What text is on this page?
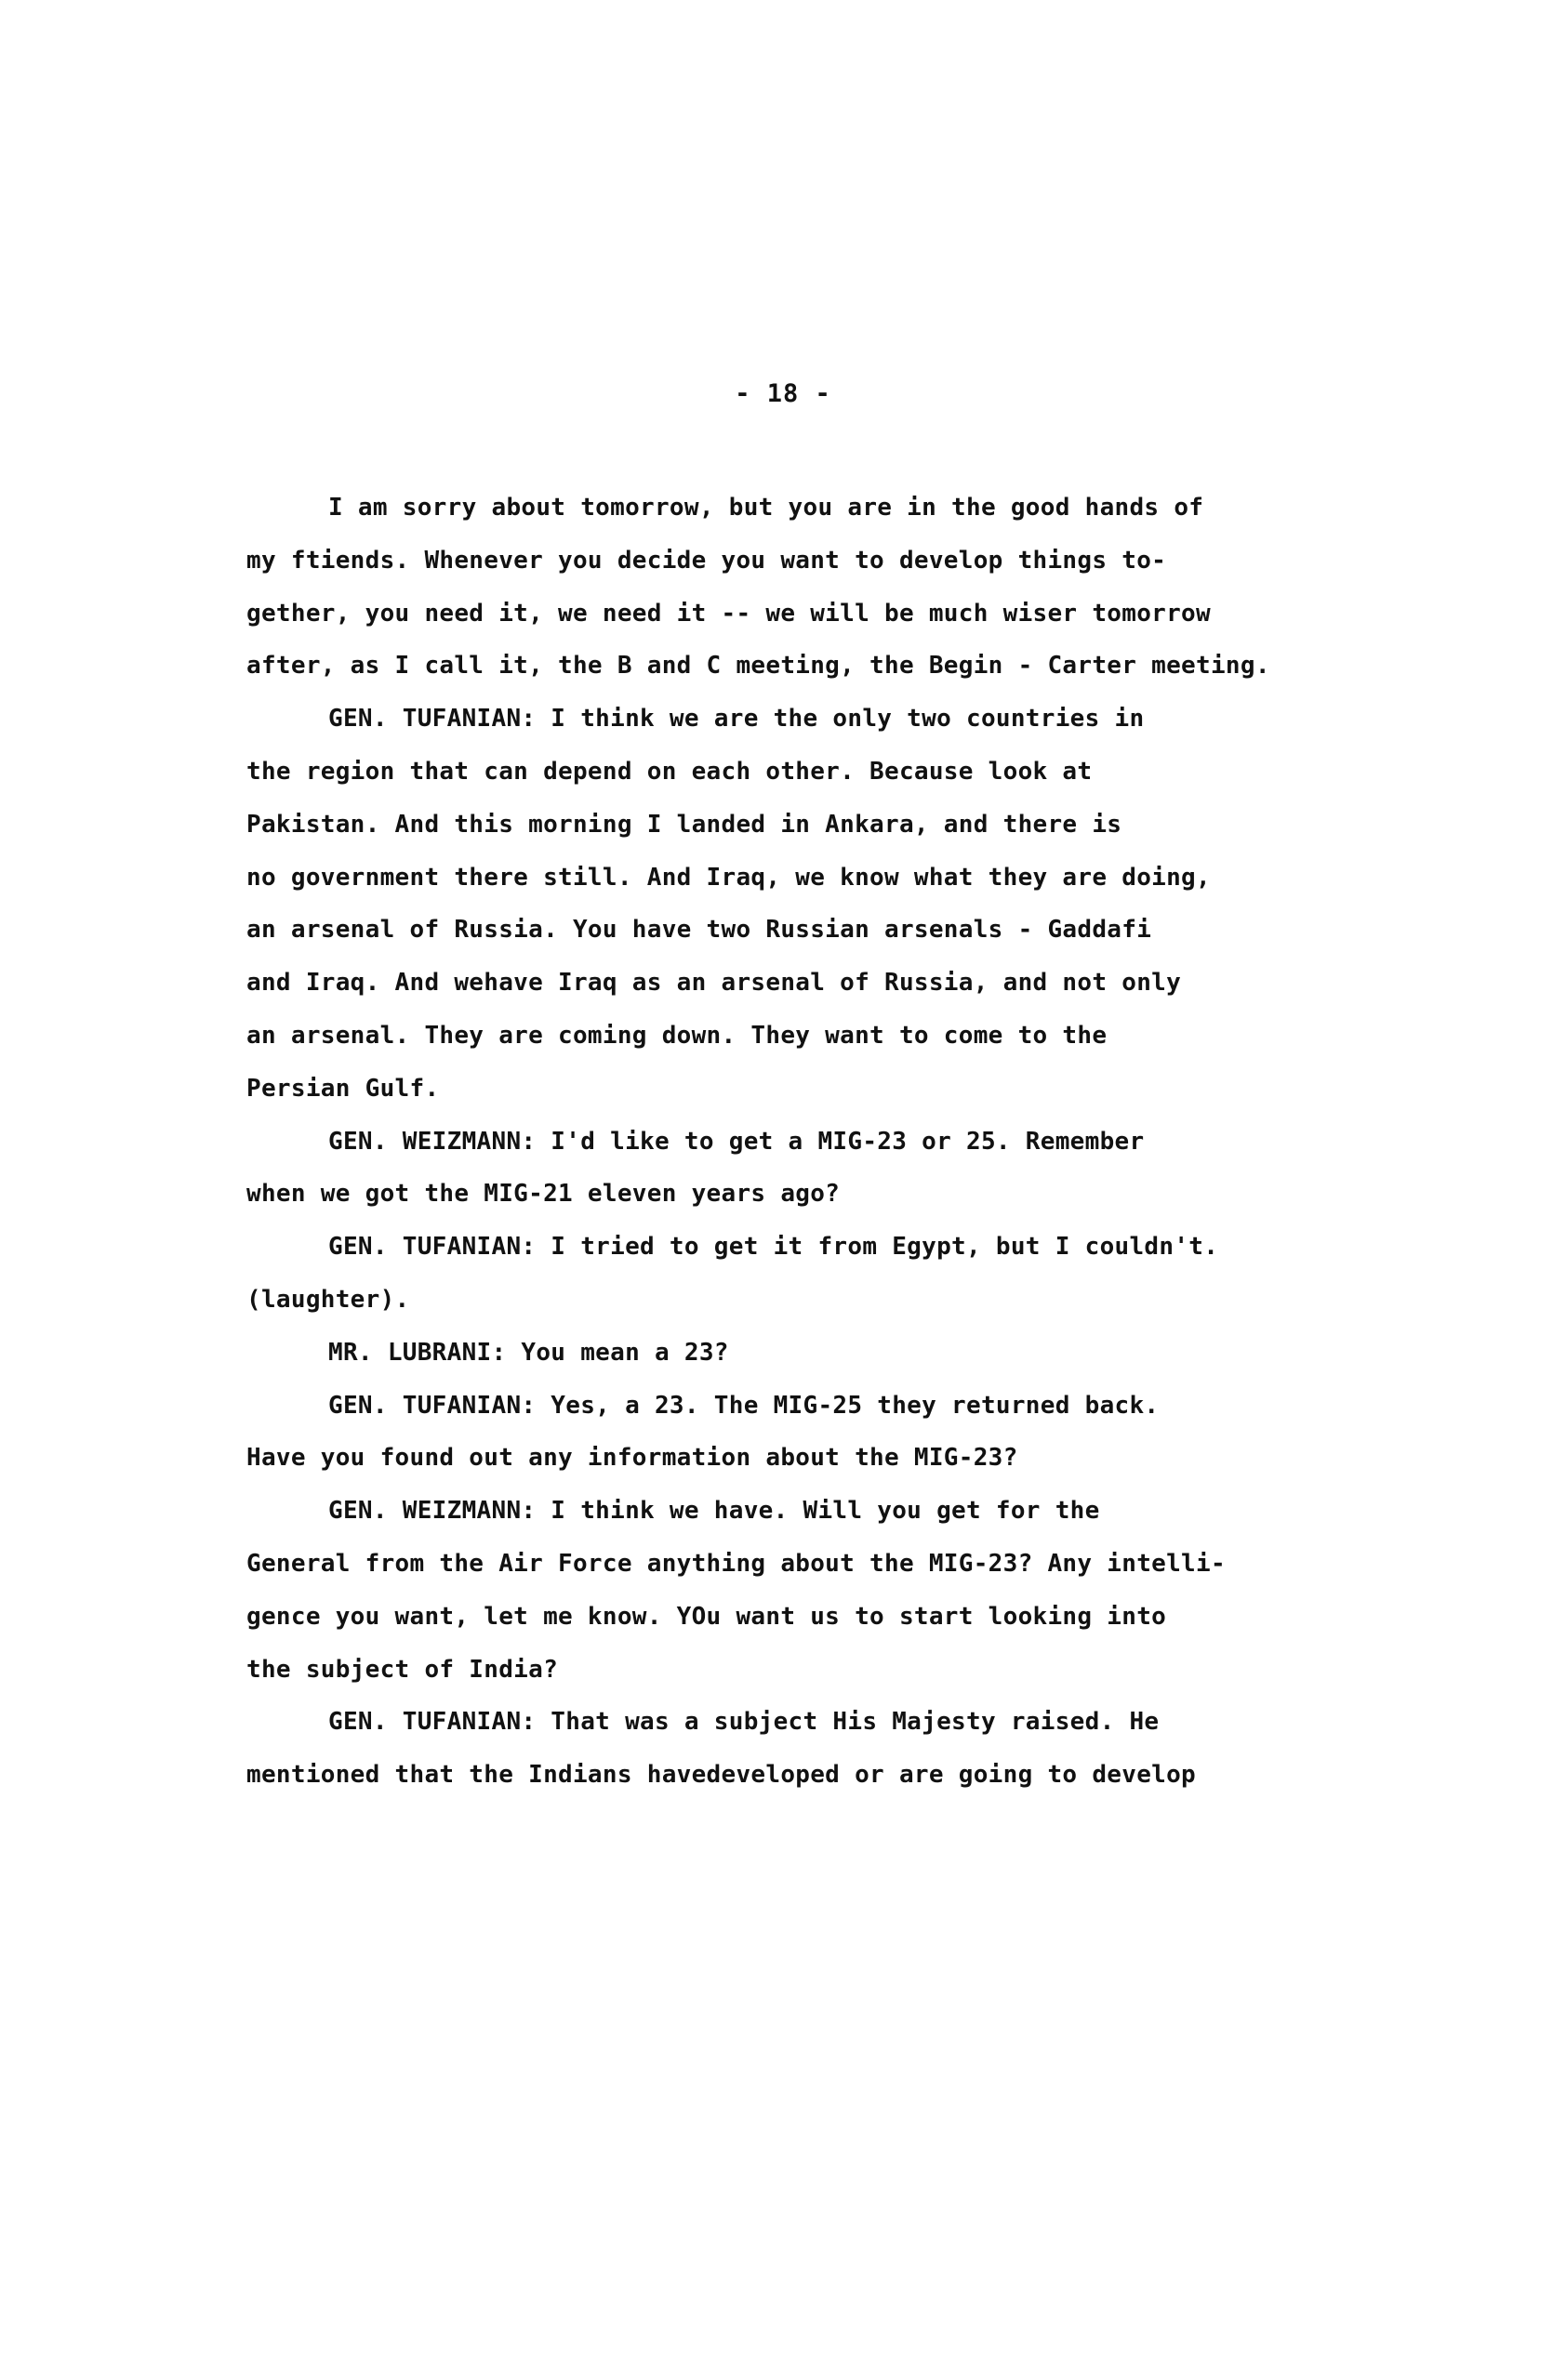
- 18 -
I am sorry about tomorrow, but you are in the good hands of
my ftiends. Whenever you decide you want to develop things to-
gether, you need it, we need it -- we will be much wiser tomorrow
after, as I call it, the B and C meeting, the Begin - Carter meeting.
GEN. TUFANIAN: I think we are the only two countries in
the region that can depend on each other. Because look at
Pakistan. And this morning I landed in Ankara, and there is
no government there still. And Iraq, we know what they are doing,
an arsenal of Russia. You have two Russian arsenals - Gaddafi
and Iraq. And wehave Iraq as an arsenal of Russia, and not only
an arsenal. They are coming down. They want to come to the
Persian Gulf.
GEN. WEIZMANN: I'd like to get a MIG-23 or 25. Remember
when we got the MIG-21 eleven years ago?
GEN. TUFANIAN: I tried to get it from Egypt, but I couldn't.
(laughter).
MR. LUBRANI: You mean a 23?
GEN. TUFANIAN: Yes, a 23. The MIG-25 they returned back.
Have you found out any information about the MIG-23?
GEN. WEIZMANN: I think we have. Will you get for the
General from the Air Force anything about the MIG-23? Any intelli-
gence you want, let me know. YOu want us to start looking into
the subject of India?
GEN. TUFANIAN: That was a subject His Majesty raised. He
mentioned that the Indians havedeveloped or are going to develop
